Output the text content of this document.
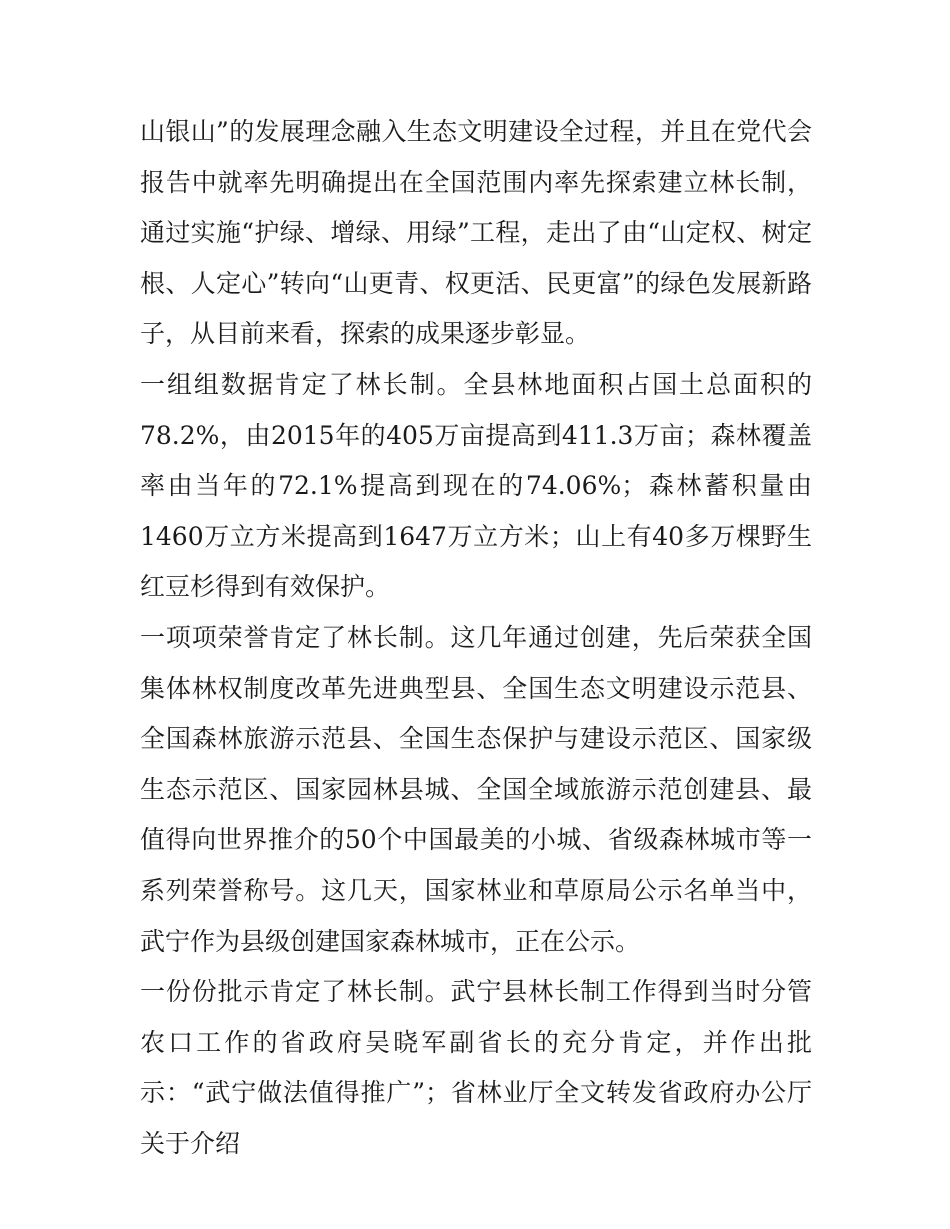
山银山”的发展理念融入生态文明建设全过程，并且在党代会报告中就率先明确提出在全国范围内率先探索建立林长制，通过实施“护绿、增绿、用绿”工程，走出了由“山定权、树定根、人定心”转向“山更青、权更活、民更富”的绿色发展新路子，从目前来看，探索的成果逐步彰显。

一组组数据肯定了林长制。全县林地面积占国土总面积的78.2%，由2015年的405万亩提高到411.3万亩；森林覆盖率由当年的72.1%提高到现在的74.06%；森林蓄积量由1460万立方米提高到1647万立方米；山上有40多万棵野生红豆杉得到有效保护。

一项项荣誉肯定了林长制。这几年通过创建，先后荣获全国集体林权制度改革先进典型县、全国生态文明建设示范县、全国森林旅游示范县、全国生态保护与建设示范区、国家级生态示范区、国家园林县城、全国全域旅游示范创建县、最值得向世界推介的50个中国最美的小城、省级森林城市等一系列荣誉称号。这几天，国家林业和草原局公示名单当中，武宁作为县级创建国家森林城市，正在公示。

一份份批示肯定了林长制。武宁县林长制工作得到当时分管农口工作的省政府吴晓军副省长的充分肯定，并作出批示：“武宁做法值得推广”；省林业厅全文转发省政府办公厅关于介绍
